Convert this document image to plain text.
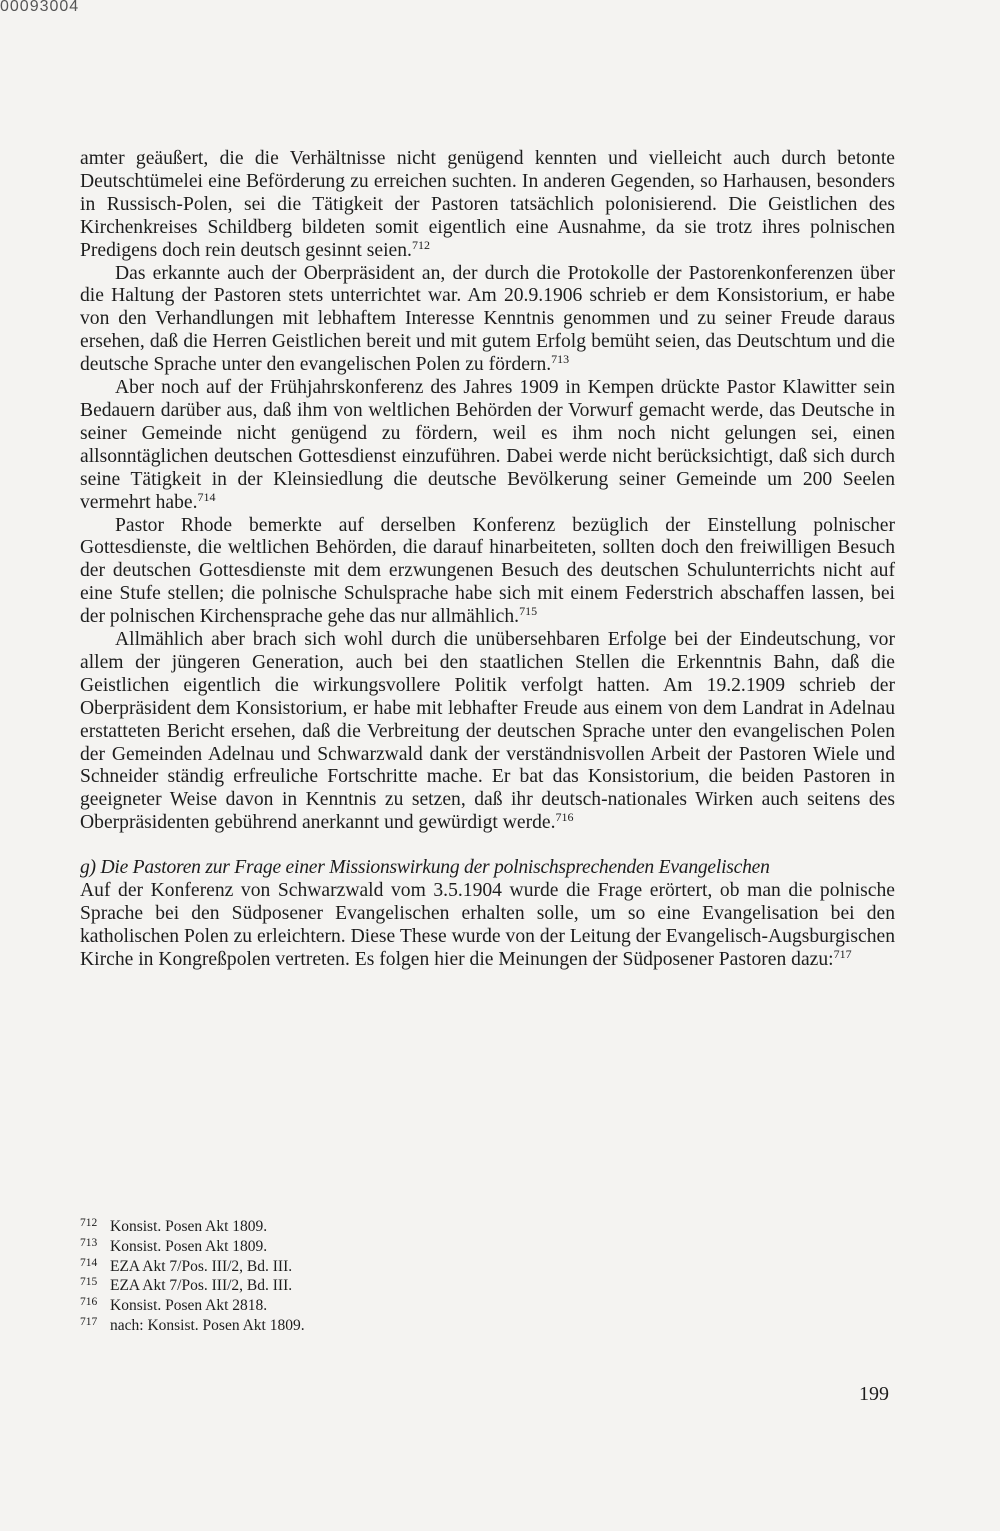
00093004

amter geäußert, die die Verhältnisse nicht genügend kennten und vielleicht auch durch betonte Deutschtümelei eine Beförderung zu erreichen suchten. In anderen Gegenden, so Harhausen, besonders in Russisch-Polen, sei die Tätigkeit der Pastoren tatsächlich polonisierend. Die Geistlichen des Kirchenkreises Schildberg bildeten somit eigentlich eine Ausnahme, da sie trotz ihres polnischen Predigens doch rein deutsch gesinnt seien.$^{712}$

Das erkannte auch der Oberpräsident an, der durch die Protokolle der Pastorenkonferenzen über die Haltung der Pastoren stets unterrichtet war. Am 20.9.1906 schrieb er dem Konsistorium, er habe von den Verhandlungen mit lebhaftem Interesse Kenntnis genommen und zu seiner Freude daraus ersehen, daß die Herren Geistlichen bereit und mit gutem Erfolg bemüht seien, das Deutschtum und die deutsche Sprache unter den evangelischen Polen zu fördern.$^{713}$

Aber noch auf der Frühjahrskonferenz des Jahres 1909 in Kempen drückte Pastor Klawitter sein Bedauern darüber aus, daß ihm von weltlichen Behörden der Vorwurf gemacht werde, das Deutsche in seiner Gemeinde nicht genügend zu fördern, weil es ihm noch nicht gelungen sei, einen allsonntäglichen deutschen Gottesdienst einzuführen. Dabei werde nicht berücksichtigt, daß sich durch seine Tätigkeit in der Kleinsiedlung die deutsche Bevölkerung seiner Gemeinde um 200 Seelen vermehrt habe.$^{714}$

Pastor Rhode bemerkte auf derselben Konferenz bezüglich der Einstellung polnischer Gottesdienste, die weltlichen Behörden, die darauf hinarbeiteten, sollten doch den freiwilligen Besuch der deutschen Gottesdienste mit dem erzwungenen Besuch des deutschen Schulunterrichts nicht auf eine Stufe stellen; die polnische Schulsprache habe sich mit einem Federstrich abschaffen lassen, bei der polnischen Kirchensprache gehe das nur allmählich.$^{715}$

Allmählich aber brach sich wohl durch die unübersehbaren Erfolge bei der Eindeutschung, vor allem der jüngeren Generation, auch bei den staatlichen Stellen die Erkenntnis Bahn, daß die Geistlichen eigentlich die wirkungsvollere Politik verfolgt hatten. Am 19.2.1909 schrieb der Oberpräsident dem Konsistorium, er habe mit lebhafter Freude aus einem von dem Landrat in Adelnau erstatteten Bericht ersehen, daß die Verbreitung der deutschen Sprache unter den evangelischen Polen der Gemeinden Adelnau und Schwarzwald dank der verständnisvollen Arbeit der Pastoren Wiele und Schneider ständig erfreuliche Fortschritte mache. Er bat das Konsistorium, die beiden Pastoren in geeigneter Weise davon in Kenntnis zu setzen, daß ihr deutsch-nationales Wirken auch seitens des Oberpräsidenten gebührend anerkannt und gewürdigt werde.$^{716}$

g) Die Pastoren zur Frage einer Missionswirkung der polnischsprechenden Evangelischen

Auf der Konferenz von Schwarzwald vom 3.5.1904 wurde die Frage erörtert, ob man die polnische Sprache bei den Südposener Evangelischen erhalten solle, um so eine Evangelisation bei den katholischen Polen zu erleichtern. Diese These wurde von der Leitung der Evangelisch-Augsburgischen Kirche in Kongreßpolen vertreten. Es folgen hier die Meinungen der Südposener Pastoren dazu:$^{717}$

712 Konsist. Posen Akt 1809.
713 Konsist. Posen Akt 1809.
714 EZA Akt 7/Pos. III/2, Bd. III.
715 EZA Akt 7/Pos. III/2, Bd. III.
716 Konsist. Posen Akt 2818.
717 nach: Konsist. Posen Akt 1809.
199
